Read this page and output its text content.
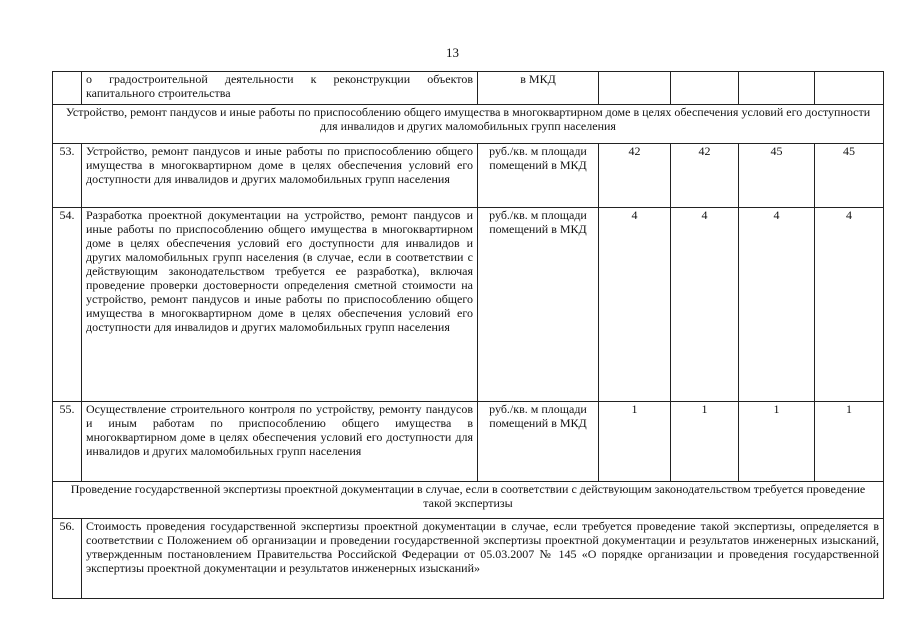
13
	о градостроительной деятельности к реконструкции объектов капитального строительства	в МКД				
Устройство, ремонт пандусов и иные работы по приспособлению общего имущества в многоквартирном доме в целях обеспечения условий его доступности для инвалидов и других маломобильных групп населения						
53.	Устройство, ремонт пандусов и иные работы по приспособлению общего имущества в многоквартирном доме в целях обеспечения условий его доступности для инвалидов и других маломобильных групп населения	руб./кв. м площади помещений в МКД	42	42	45	45
54.	Разработка проектной документации на устройство, ремонт пандусов и иные работы по приспособлению общего имущества в многоквартирном доме в целях обеспечения условий его доступности для инвалидов и других маломобильных групп населения (в случае, если в соответствии с действующим законодательством требуется ее разработка), включая проведение проверки достоверности определения сметной стоимости на устройство, ремонт пандусов и иные работы по приспособлению общего имущества в многоквартирном доме в целях обеспечения условий его доступности для инвалидов и других маломобильных групп населения	руб./кв. м площади помещений в МКД	4	4	4	4
55.	Осуществление строительного контроля по устройству, ремонту пандусов и иным работам по приспособлению общего имущества в многоквартирном доме в целях обеспечения условий его доступности для инвалидов и других маломобильных групп населения	руб./кв. м площади помещений в МКД	1	1	1	1
Проведение государственной экспертизы проектной документации в случае, если в соответствии с действующим законодательством требуется проведение такой экспертизы						
56.	Стоимость проведения государственной экспертизы проектной документации в случае, если требуется проведение такой экспертизы, определяется в соответствии с Положением об организации и проведении государственной экспертизы проектной документации и результатов инженерных изысканий, утвержденным постановлением Правительства Российской Федерации от 05.03.2007 № 145 «О порядке организации и проведения государственной экспертизы проектной документации и результатов инженерных изысканий»					
